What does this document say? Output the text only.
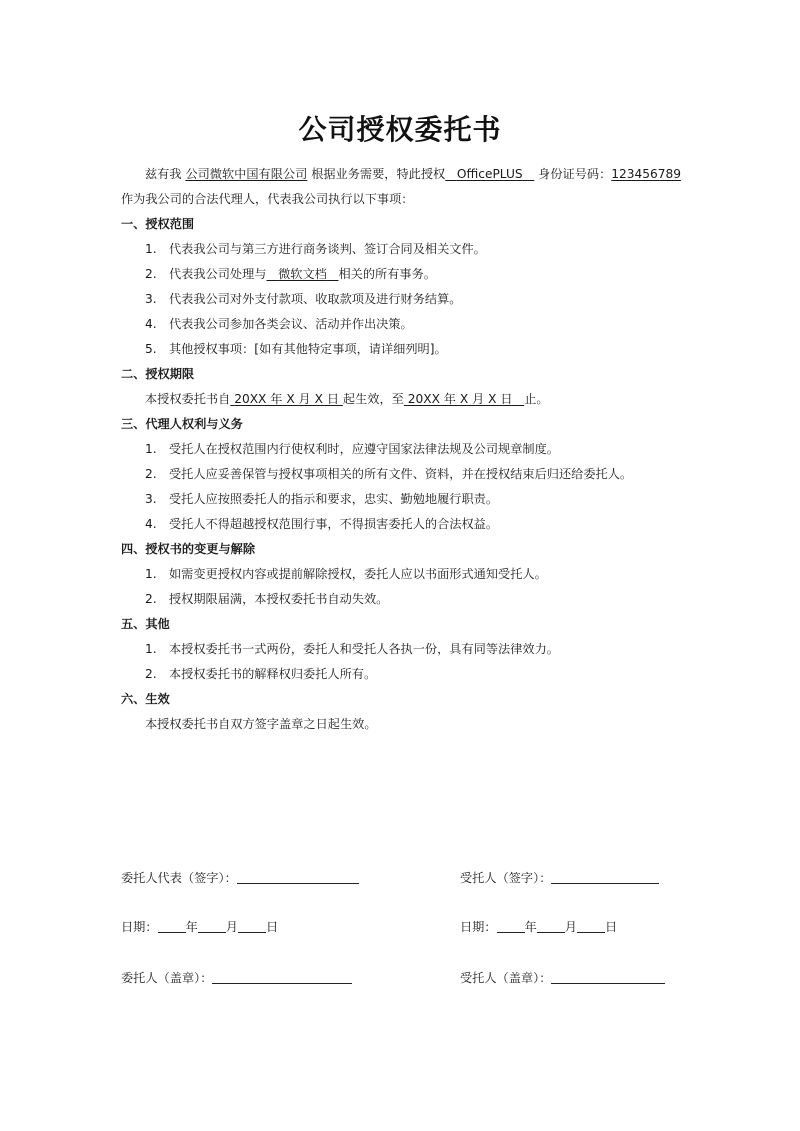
公司授权委托书
兹有我 公司微软中国有限公司 根据业务需要，特此授权 OfficePLUS 身份证号码：123456789
作为我公司的合法代理人，代表我公司执行以下事项：
一、授权范围
1. 代表我公司与第三方进行商务谈判、签订合同及相关文件。
2. 代表我公司处理与 微软文档 相关的所有事务。
3. 代表我公司对外支付款项、收取款项及进行财务结算。
4. 代表我公司参加各类会议、活动并作出决策。
5. 其他授权事项：[如有其他特定事项，请详细列明]。
二、授权期限
本授权委托书自 20XX 年 X 月 X 日 起生效，至 20XX 年 X 月 X 日 止。
三、代理人权利与义务
1. 受托人在授权范围内行使权利时，应遵守国家法律法规及公司规章制度。
2. 受托人应妥善保管与授权事项相关的所有文件、资料，并在授权结束后归还给委托人。
3. 受托人应按照委托人的指示和要求，忠实、勤勉地履行职责。
4. 受托人不得超越授权范围行事，不得损害委托人的合法权益。
四、授权书的变更与解除
1. 如需变更授权内容或提前解除授权，委托人应以书面形式通知受托人。
2. 授权期限届满，本授权委托书自动失效。
五、其他
1. 本授权委托书一式两份，委托人和受托人各执一份，具有同等法律效力。
2. 本授权委托书的解释权归委托人所有。
六、生效
本授权委托书自双方签字盖章之日起生效。
委托人代表（签字）：	受托人（签字）：
日期： 年 月 日	日期： 年 月 日
委托人（盖章）：	受托人（盖章）：
